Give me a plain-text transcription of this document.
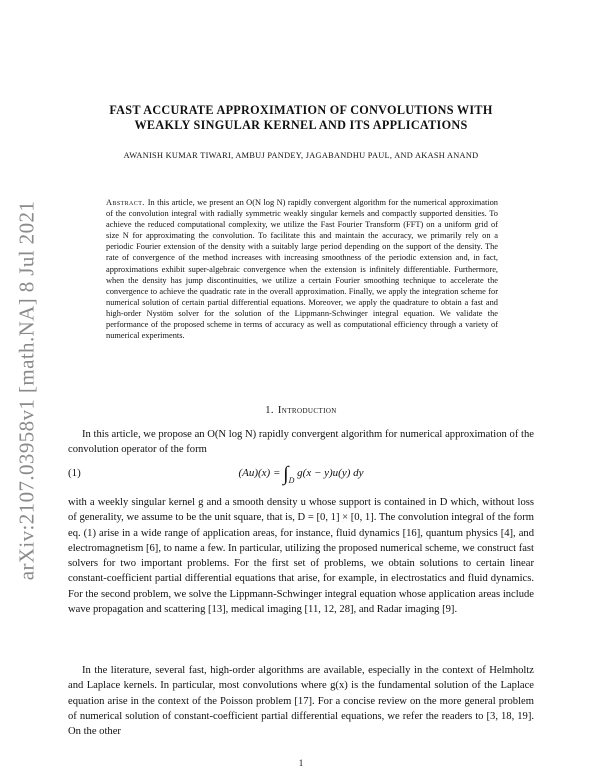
arXiv:2107.03958v1 [math.NA] 8 Jul 2021
FAST ACCURATE APPROXIMATION OF CONVOLUTIONS WITH
WEAKLY SINGULAR KERNEL AND ITS APPLICATIONS
AWANISH KUMAR TIWARI, AMBUJ PANDEY, JAGABANDHU PAUL, AND AKASH ANAND
Abstract. In this article, we present an O(N log N) rapidly convergent algorithm for the numerical approximation of the convolution integral with radially symmetric weakly singular kernels and compactly supported densities. To achieve the reduced computational complexity, we utilize the Fast Fourier Transform (FFT) on a uniform grid of size N for approximating the convolution. To facilitate this and maintain the accuracy, we primarily rely on a periodic Fourier extension of the density with a suitably large period depending on the support of the density. The rate of convergence of the method increases with increasing smoothness of the periodic extension and, in fact, approximations exhibit super-algebraic convergence when the extension is infinitely differentiable. Furthermore, when the density has jump discontinuities, we utilize a certain Fourier smoothing technique to accelerate the convergence to achieve the quadratic rate in the overall approximation. Finally, we apply the integration scheme for numerical solution of certain partial differential equations. Moreover, we apply the quadrature to obtain a fast and high-order Nystöm solver for the solution of the Lippmann-Schwinger integral equation. We validate the performance of the proposed scheme in terms of accuracy as well as computational efficiency through a variety of numerical experiments.
1. Introduction
In this article, we propose an O(N log N) rapidly convergent algorithm for numerical approximation of the convolution operator of the form
(1)	$(Au)(x) = \int_D$ g(x − y)u(y) dy
with a weekly singular kernel g and a smooth density u whose support is contained in D which, without loss of generality, we assume to be the unit square, that is, D = [0, 1] × [0, 1]. The convolution integral of the form eq. (1) arise in a wide range of application areas, for instance, fluid dynamics [16], quantum physics [4], and electromagnetism [6], to name a few. In particular, utilizing the proposed numerical scheme, we construct fast solvers for two important problems. For the first set of problems, we obtain solutions to certain linear constant-coefficient partial differential equations that arise, for example, in electrostatics and fluid dynamics. For the second problem, we solve the Lippmann-Schwinger integral equation whose application areas include wave propagation and scattering [13], medical imaging [11, 12, 28], and Radar imaging [9].
In the literature, several fast, high-order algorithms are available, especially in the context of Helmholtz and Laplace kernels. In particular, most convolutions where g(x) is the fundamental solution of the Laplace equation arise in the context of the Poisson problem [17]. For a concise review on the more general problem of numerical solution of constant-coefficient partial differential equations, we refer the readers to [3, 18, 19]. On the other
1
